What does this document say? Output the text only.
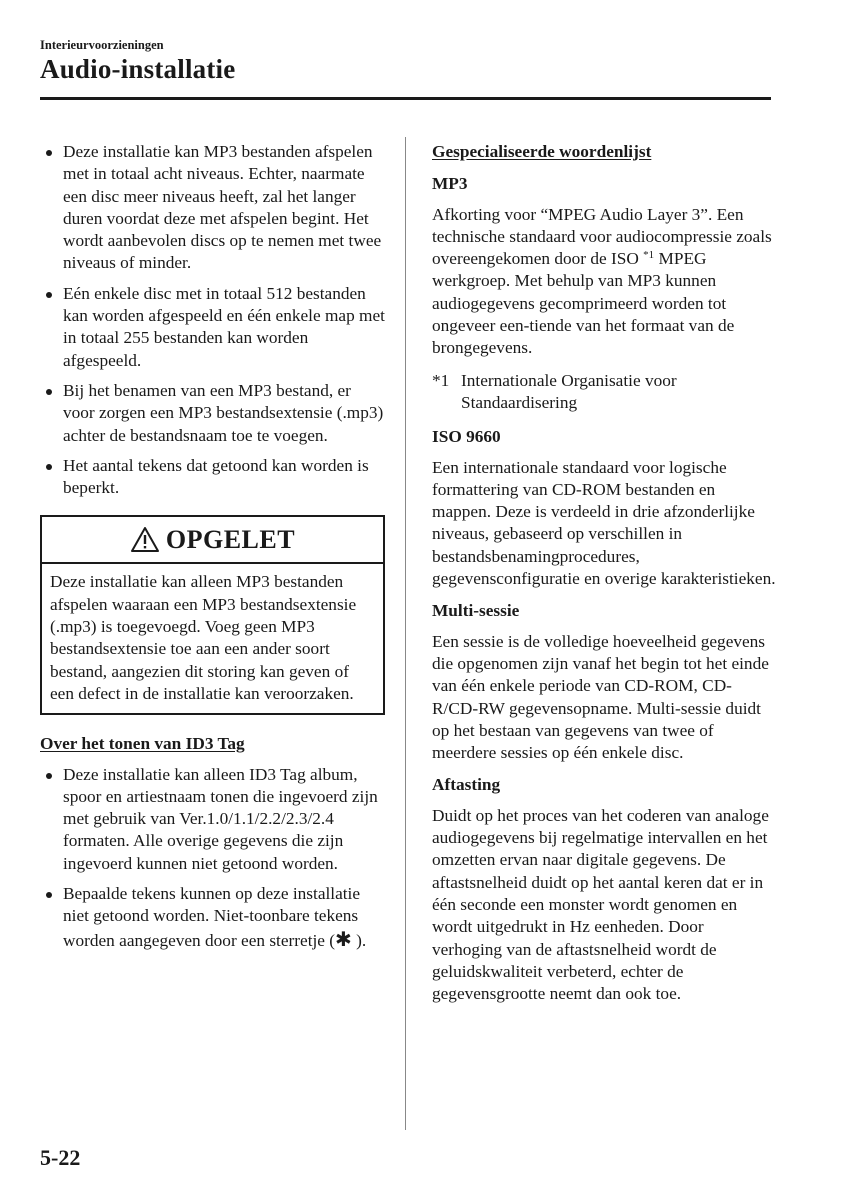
Interieurvoorzieningen
Audio-installatie
Deze installatie kan MP3 bestanden afspelen met in totaal acht niveaus. Echter, naarmate een disc meer niveaus heeft, zal het langer duren voordat deze met afspelen begint. Het wordt aanbevolen discs op te nemen met twee niveaus of minder.
Eén enkele disc met in totaal 512 bestanden kan worden afgespeeld en één enkele map met in totaal 255 bestanden kan worden afgespeeld.
Bij het benamen van een MP3 bestand, er voor zorgen een MP3 bestandsextensie (.mp3) achter de bestandsnaam toe te voegen.
Het aantal tekens dat getoond kan worden is beperkt.
OPGELET
Deze installatie kan alleen MP3 bestanden afspelen waaraan een MP3 bestandsextensie (.mp3) is toegevoegd. Voeg geen MP3 bestandsextensie toe aan een ander soort bestand, aangezien dit storing kan geven of een defect in de installatie kan veroorzaken.
Over het tonen van ID3 Tag
Deze installatie kan alleen ID3 Tag album, spoor en artiestnaam tonen die ingevoerd zijn met gebruik van Ver.1.0/1.1/2.2/2.3/2.4 formaten. Alle overige gegevens die zijn ingevoerd kunnen niet getoond worden.
Bepaalde tekens kunnen op deze installatie niet getoond worden. Niet-toonbare tekens worden aangegeven door een sterretje (✱ ).
Gespecialiseerde woordenlijst
MP3
Afkorting voor “MPEG Audio Layer 3”. Een technische standaard voor audiocompressie zoals overeengekomen door de ISO $^{*1}$ MPEG werkgroep. Met behulp van MP3 kunnen audiogegevens gecomprimeerd worden tot ongeveer een-tiende van het formaat van de brongegevens.
*1 Internationale Organisatie voor Standaardisering
ISO 9660
Een internationale standaard voor logische formattering van CD-ROM bestanden en mappen. Deze is verdeeld in drie afzonderlijke niveaus, gebaseerd op verschillen in bestandsbenamingprocedures, gegevensconfiguratie en overige karakteristieken.
Multi-sessie
Een sessie is de volledige hoeveelheid gegevens die opgenomen zijn vanaf het begin tot het einde van één enkele periode van CD-ROM, CD-R/CD-RW gegevensopname. Multi-sessie duidt op het bestaan van gegevens van twee of meerdere sessies op één enkele disc.
Aftasting
Duidt op het proces van het coderen van analoge audiogegevens bij regelmatige intervallen en het omzetten ervan naar digitale gegevens. De aftastsnelheid duidt op het aantal keren dat er in één seconde een monster wordt genomen en wordt uitgedrukt in Hz eenheden. Door verhoging van de aftastsnelheid wordt de geluidskwaliteit verbeterd, echter de gegevensgrootte neemt dan ook toe.
5-22
